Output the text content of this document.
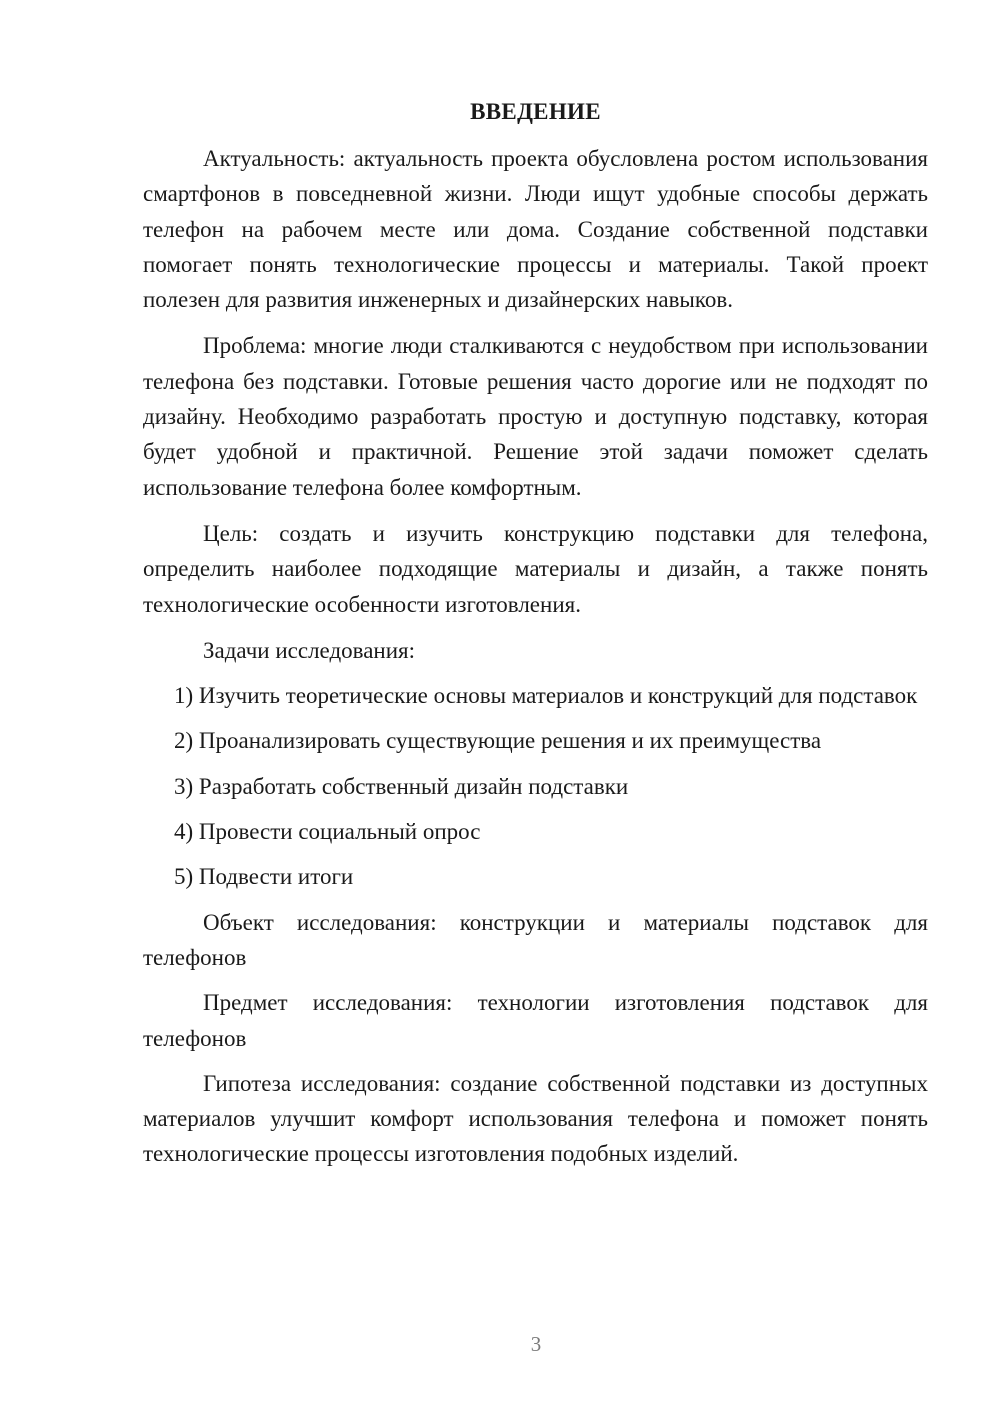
ВВЕДЕНИЕ

Актуальность: актуальность проекта обусловлена ростом использования смартфонов в повседневной жизни. Люди ищут удобные способы держать телефон на рабочем месте или дома. Создание собственной подставки помогает понять технологические процессы и материалы. Такой проект полезен для развития инженерных и дизайнерских навыков.

Проблема: многие люди сталкиваются с неудобством при использовании телефона без подставки. Готовые решения часто дорогие или не подходят по дизайну. Необходимо разработать простую и доступную подставку, которая будет удобной и практичной. Решение этой задачи поможет сделать использование телефона более комфортным.

Цель: создать и изучить конструкцию подставки для телефона, определить наиболее подходящие материалы и дизайн, а также понять технологические особенности изготовления.

Задачи исследования:

1) Изучить теоретические основы материалов и конструкций для подставок

2) Проанализировать существующие решения и их преимущества

3) Разработать собственный дизайн подставки

4) Провести социальный опрос

5) Подвести итоги

Объект исследования: конструкции и материалы подставок для телефонов

Предмет исследования: технологии изготовления подставок для телефонов

Гипотеза исследования: создание собственной подставки из доступных материалов улучшит комфорт использования телефона и поможет понять технологические процессы изготовления подобных изделий.

3
